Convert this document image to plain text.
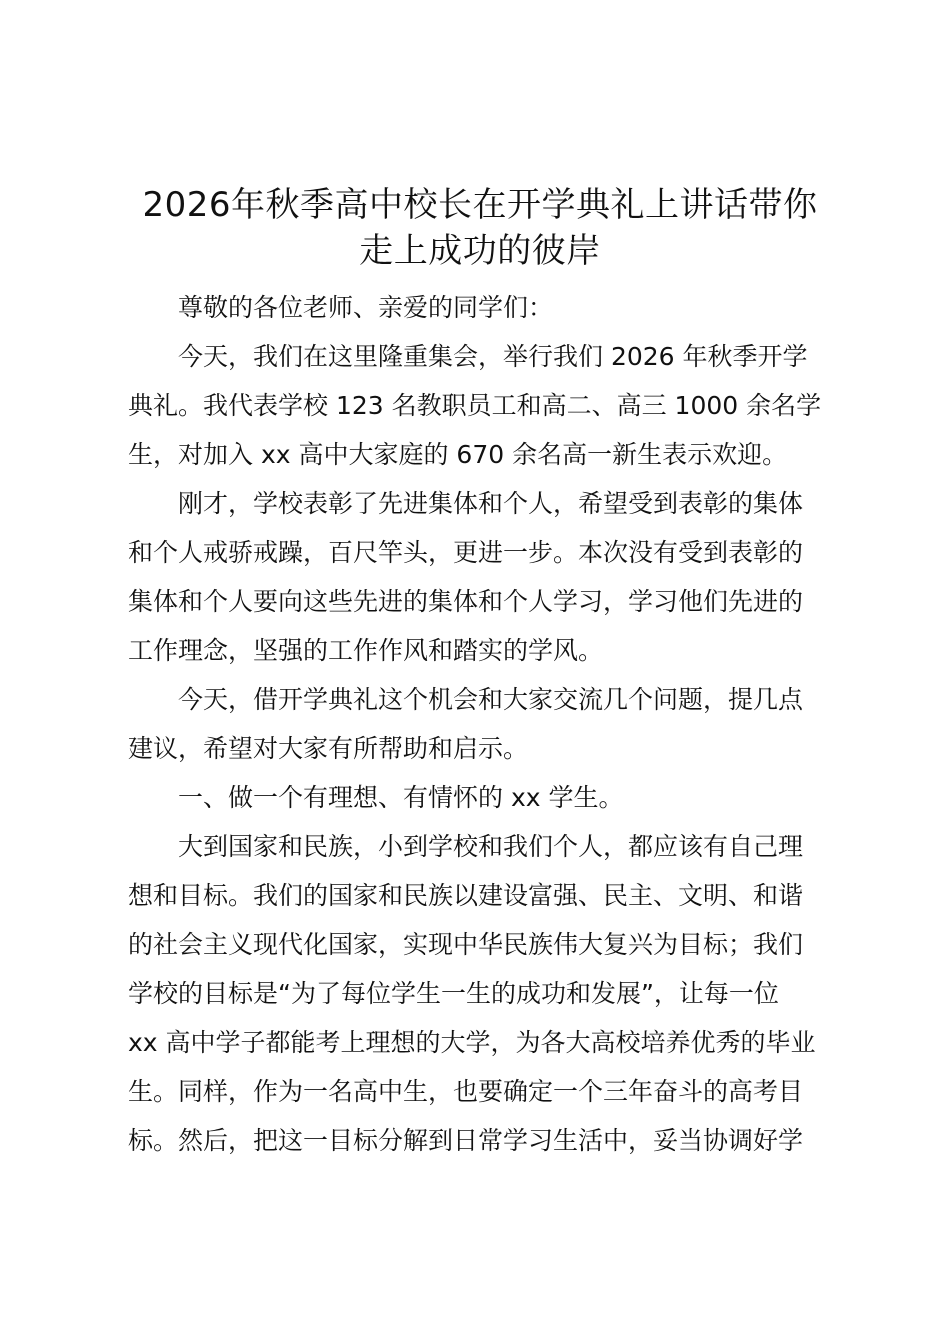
2026年秋季高中校长在开学典礼上讲话带你
走上成功的彼岸
尊敬的各位老师、亲爱的同学们：
今天，我们在这里隆重集会，举行我们 2026 年秋季开学
典礼。我代表学校 123 名教职员工和高二、高三 1000 余名学
生，对加入 xx 高中大家庭的 670 余名高一新生表示欢迎。
刚才，学校表彰了先进集体和个人，希望受到表彰的集体
和个人戒骄戒躁，百尺竿头，更进一步。本次没有受到表彰的
集体和个人要向这些先进的集体和个人学习，学习他们先进的
工作理念，坚强的工作作风和踏实的学风。
今天，借开学典礼这个机会和大家交流几个问题，提几点
建议，希望对大家有所帮助和启示。
一、做一个有理想、有情怀的 xx 学生。
大到国家和民族，小到学校和我们个人，都应该有自己理
想和目标。我们的国家和民族以建设富强、民主、文明、和谐
的社会主义现代化国家，实现中华民族伟大复兴为目标；我们
学校的目标是“为了每位学生一生的成功和发展”，让每一位
xx 高中学子都能考上理想的大学，为各大高校培养优秀的毕业
生。同样，作为一名高中生，也要确定一个三年奋斗的高考目
标。然后，把这一目标分解到日常学习生活中，妥当协调好学
